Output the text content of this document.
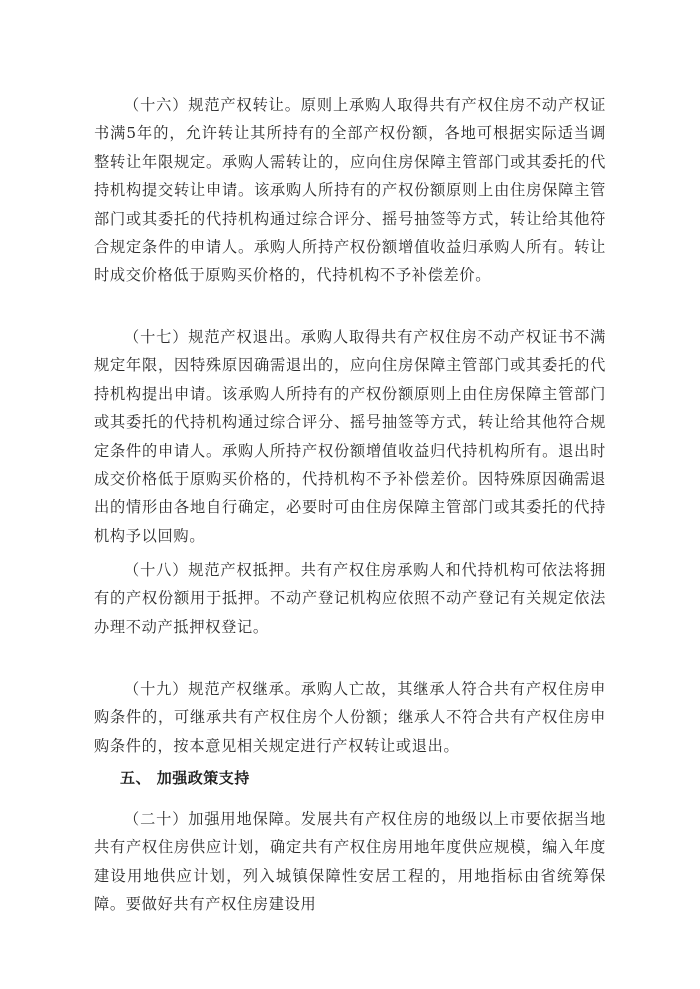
（十六）规范产权转让。原则上承购人取得共有产权住房不动产权证书满5年的，允许转让其所持有的全部产权份额，各地可根据实际适当调整转让年限规定。承购人需转让的，应向住房保障主管部门或其委托的代持机构提交转让申请。该承购人所持有的产权份额原则上由住房保障主管部门或其委托的代持机构通过综合评分、摇号抽签等方式，转让给其他符合规定条件的申请人。承购人所持产权份额增值收益归承购人所有。转让时成交价格低于原购买价格的，代持机构不予补偿差价。

（十七）规范产权退出。承购人取得共有产权住房不动产权证书不满规定年限，因特殊原因确需退出的，应向住房保障主管部门或其委托的代持机构提出申请。该承购人所持有的产权份额原则上由住房保障主管部门或其委托的代持机构通过综合评分、摇号抽签等方式，转让给其他符合规定条件的申请人。承购人所持产权份额增值收益归代持机构所有。退出时成交价格低于原购买价格的，代持机构不予补偿差价。因特殊原因确需退出的情形由各地自行确定，必要时可由住房保障主管部门或其委托的代持机构予以回购。

（十八）规范产权抵押。共有产权住房承购人和代持机构可依法将拥有的产权份额用于抵押。不动产登记机构应依照不动产登记有关规定依法办理不动产抵押权登记。

（十九）规范产权继承。承购人亡故，其继承人符合共有产权住房申购条件的，可继承共有产权住房个人份额；继承人不符合共有产权住房申购条件的，按本意见相关规定进行产权转让或退出。

五、 加强政策支持

（二十）加强用地保障。发展共有产权住房的地级以上市要依据当地共有产权住房供应计划，确定共有产权住房用地年度供应规模，编入年度建设用地供应计划，列入城镇保障性安居工程的，用地指标由省统筹保障。要做好共有产权住房建设用
